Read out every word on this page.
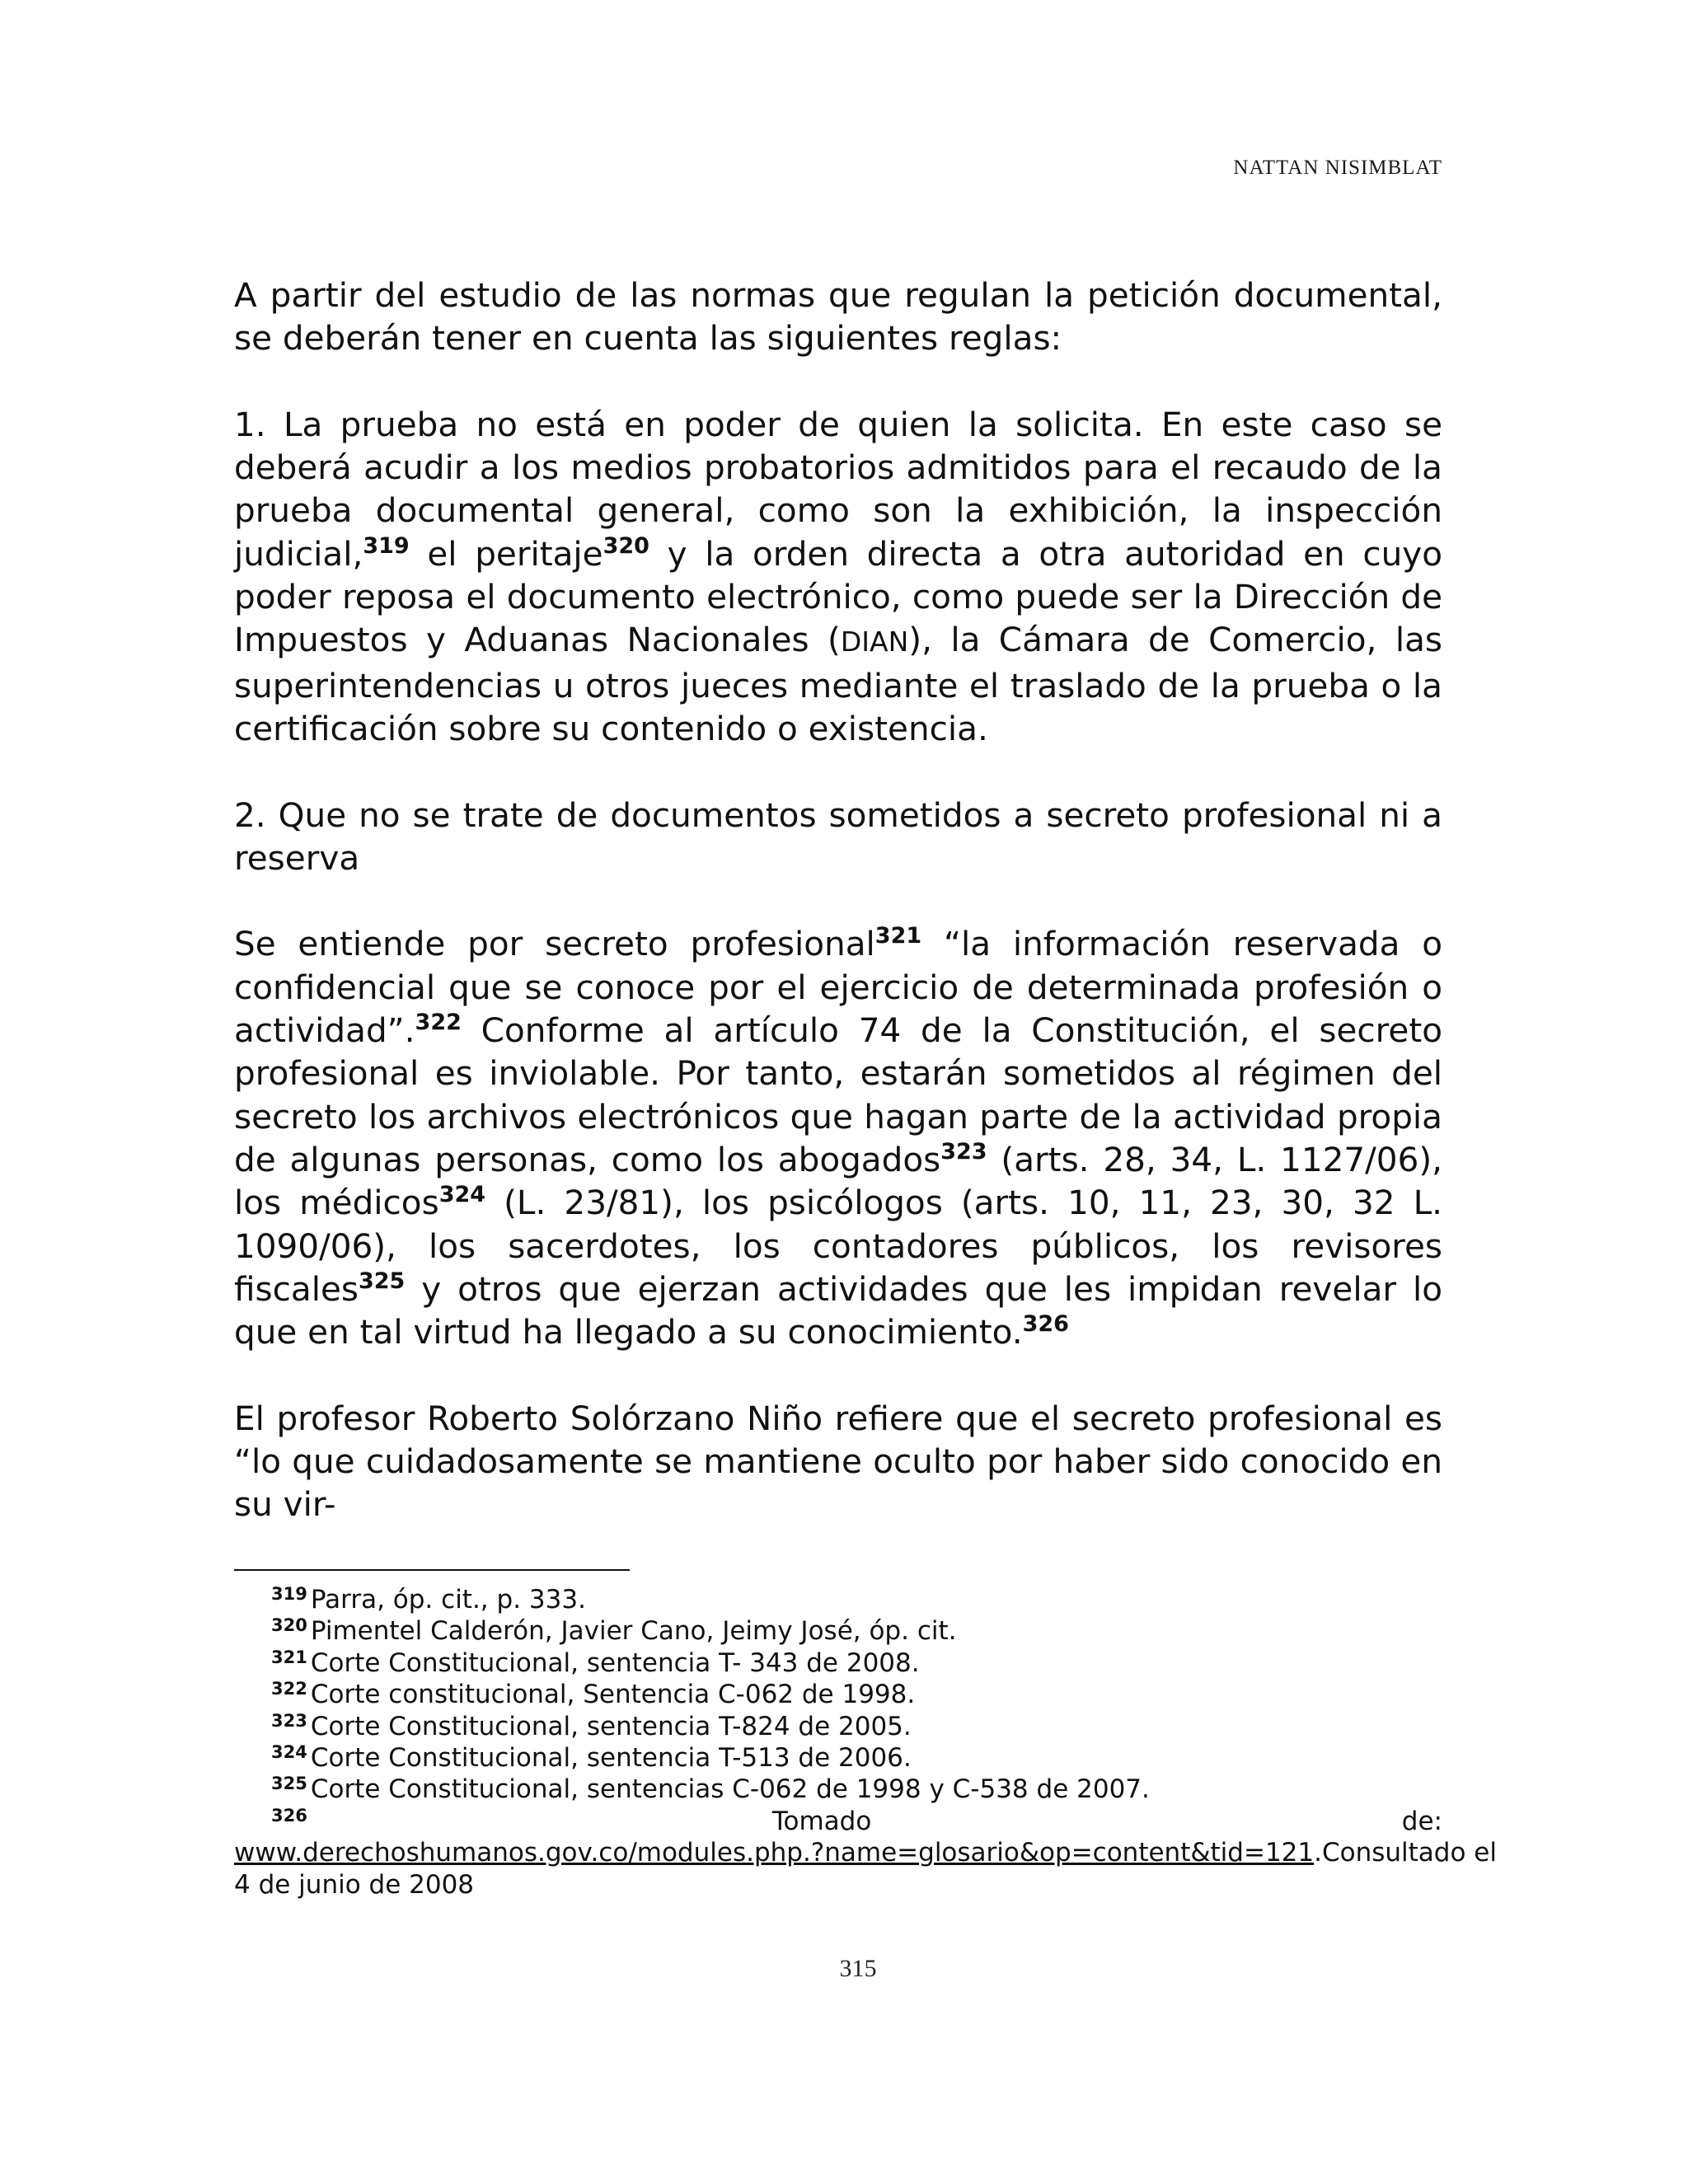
NATTAN NISIMBLAT

A partir del estudio de las normas que regulan la petición documental, se deberán tener en cuenta las siguientes reglas:

1. La prueba no está en poder de quien la solicita. En este caso se deberá acudir a los medios probatorios admitidos para el recaudo de la prueba documental general, como son la exhibición, la inspección judicial,$^{319}$ el peritaje$^{320}$ y la orden directa a otra autoridad en cuyo poder reposa el documento electrónico, como puede ser la Dirección de Impuestos y Aduanas Nacionales (DIAN), la Cámara de Comercio, las superintendencias u otros jueces mediante el traslado de la prueba o la certificación sobre su contenido o existencia.

2. Que no se trate de documentos sometidos a secreto profesional ni a reserva

Se entiende por secreto profesional$^{321}$ “la información reservada o confidencial que se conoce por el ejercicio de determinada profesión o actividad”.$^{322}$ Conforme al artículo 74 de la Constitución, el secreto profesional es inviolable. Por tanto, estarán sometidos al régimen del secreto los archivos electrónicos que hagan parte de la actividad propia de algunas personas, como los abogados$^{323}$ (arts. 28, 34, L. 1127/06), los médicos$^{324}$ (L. 23/81), los psicólogos (arts. 10, 11, 23, 30, 32 L. 1090/06), los sacerdotes, los contadores públicos, los revisores fiscales$^{325}$ y otros que ejerzan actividades que les impidan revelar lo que en tal virtud ha llegado a su conocimiento.$^{326}$

El profesor Roberto Solórzano Niño refiere que el secreto profesional es “lo que cuidadosamente se mantiene oculto por haber sido conocido en su vir-

$^{319}$ Parra, óp. cit., p. 333.
$^{320}$ Pimentel Calderón, Javier Cano, Jeimy José, óp. cit.
$^{321}$ Corte Constitucional, sentencia T- 343 de 2008.
$^{322}$ Corte constitucional, Sentencia C-062 de 1998.
$^{323}$ Corte Constitucional, sentencia T-824 de 2005.
$^{324}$ Corte Constitucional, sentencia T-513 de 2006.
$^{325}$ Corte Constitucional, sentencias C-062 de 1998 y C-538 de 2007.
$^{326}$	Tomado	de:
www.derechoshumanos.gov.co/modules.php.?name=glosario&op=content&tid=121. Consultado el
4 de junio de 2008
315
